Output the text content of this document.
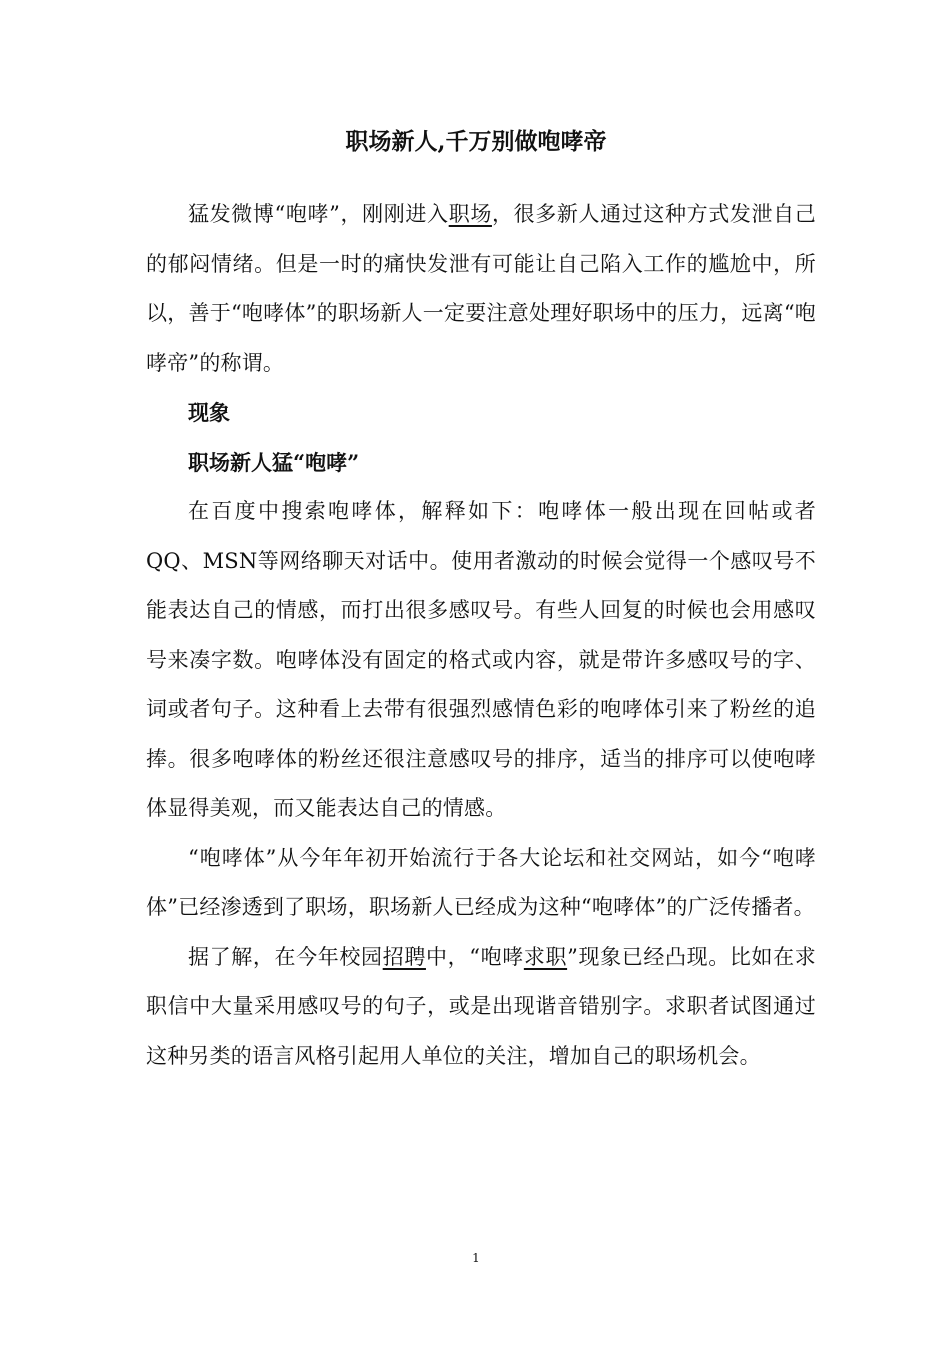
职场新人,千万别做咆哮帝

猛发微博“咆哮”，刚刚进入职场，很多新人通过这种方式发泄自己的郁闷情绪。但是一时的痛快发泄有可能让自己陷入工作的尴尬中，所以，善于“咆哮体”的职场新人一定要注意处理好职场中的压力，远离“咆哮帝”的称谓。

现象

职场新人猛“咆哮”

在百度中搜索咆哮体，解释如下：咆哮体一般出现在回帖或者QQ、MSN等网络聊天对话中。使用者激动的时候会觉得一个感叹号不能表达自己的情感，而打出很多感叹号。有些人回复的时候也会用感叹号来凑字数。咆哮体没有固定的格式或内容，就是带许多感叹号的字、词或者句子。这种看上去带有很强烈感情色彩的咆哮体引来了粉丝的追捧。很多咆哮体的粉丝还很注意感叹号的排序，适当的排序可以使咆哮体显得美观，而又能表达自己的情感。

“咆哮体”从今年年初开始流行于各大论坛和社交网站，如今“咆哮体”已经渗透到了职场，职场新人已经成为这种“咆哮体”的广泛传播者。

据了解，在今年校园招聘中，“咆哮求职”现象已经凸现。比如在求职信中大量采用感叹号的句子，或是出现谐音错别字。求职者试图通过这种另类的语言风格引起用人单位的关注，增加自己的职场机会。

1
